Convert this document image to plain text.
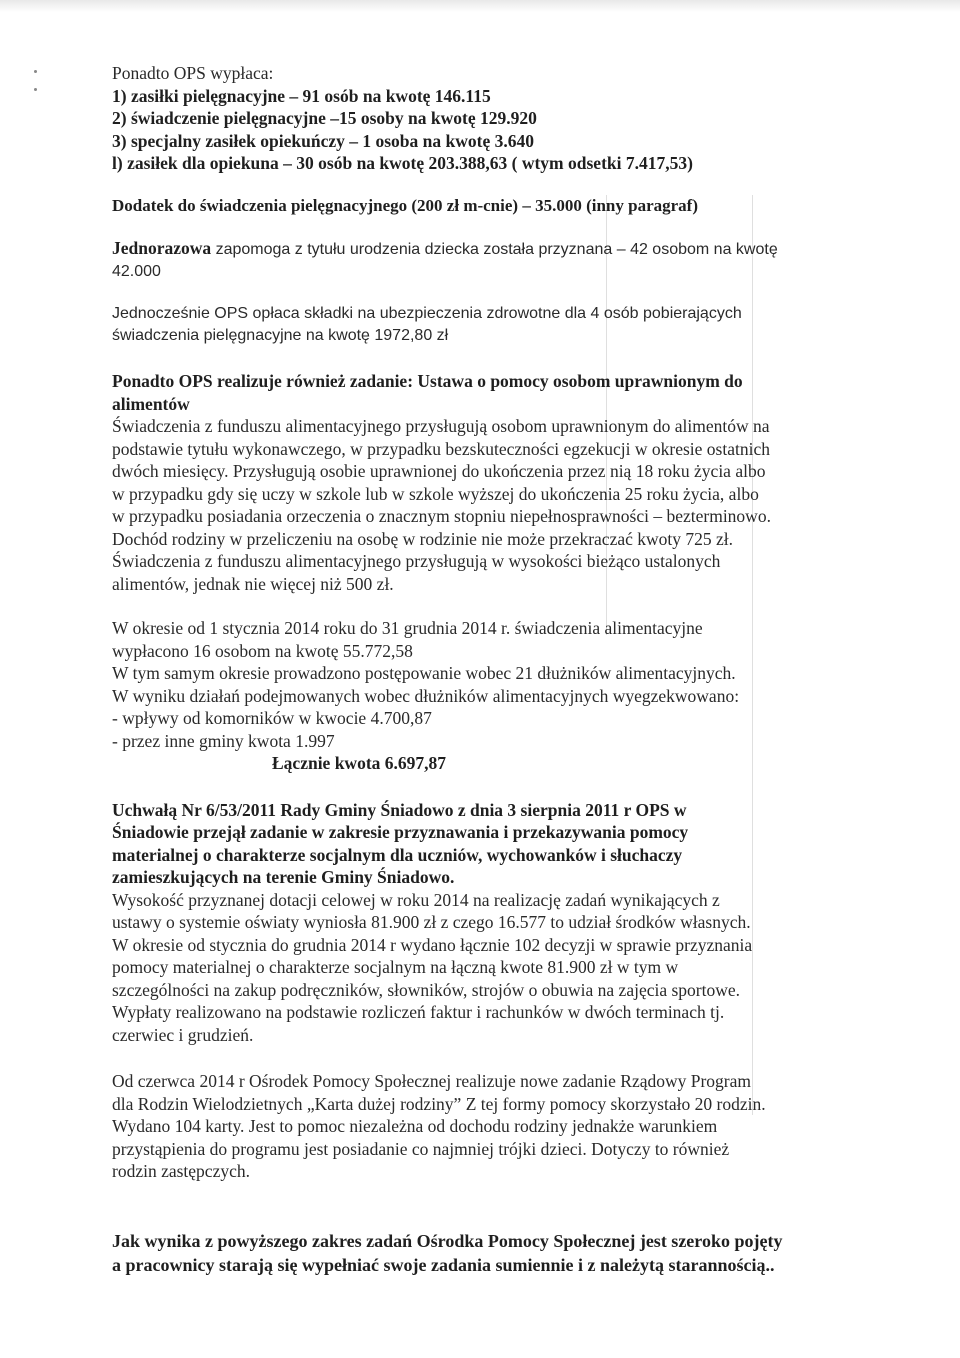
Ponadto OPS wypłaca:

1) zasiłki pielęgnacyjne – 91 osób na kwotę 146.115

2) świadczenie pielęgnacyjne –15 osoby na kwotę 129.920

3) specjalny zasiłek opiekuńczy – 1 osoba na kwotę 3.640

l) zasiłek dla opiekuna – 30 osób na kwotę 203.388,63 ( wtym odsetki 7.417,53)

Dodatek do świadczenia pielęgnacyjnego (200 zł m-cnie) – 35.000 (inny paragraf)

Jednorazowa zapomoga z tytułu urodzenia dziecka została przyznana – 42 osobom na kwotę

42.000

Jednocześnie OPS opłaca składki na ubezpieczenia zdrowotne dla 4 osób pobierających

świadczenia pielęgnacyjne na kwotę 1972,80 zł

Ponadto OPS realizuje również zadanie: Ustawa o pomocy osobom uprawnionym do

alimentów

Świadczenia z funduszu alimentacyjnego przysługują osobom uprawnionym do alimentów na

podstawie tytułu wykonawczego, w przypadku bezskuteczności egzekucji w okresie ostatnich

dwóch miesięcy. Przysługują osobie uprawnionej do ukończenia przez nią 18 roku życia albo

w przypadku gdy się uczy w szkole lub w szkole wyższej do ukończenia 25 roku życia, albo

w przypadku posiadania orzeczenia o znacznym stopniu niepełnosprawności – bezterminowo.

Dochód rodziny w przeliczeniu na osobę w rodzinie nie może przekraczać kwoty 725 zł.

Świadczenia z funduszu alimentacyjnego przysługują w wysokości bieżąco ustalonych

alimentów, jednak nie więcej niż 500 zł.

W okresie od 1 stycznia 2014 roku do 31 grudnia 2014 r. świadczenia alimentacyjne

wypłacono 16 osobom na kwotę 55.772,58

W tym samym okresie prowadzono postępowanie wobec 21 dłużników alimentacyjnych.

W wyniku działań podejmowanych wobec dłużników alimentacyjnych wyegzekwowano:

- wpływy od komorników w kwocie 4.700,87

- przez inne gminy kwota 1.997

Łącznie kwota 6.697,87

Uchwałą Nr 6/53/2011 Rady Gminy Śniadowo z dnia 3 sierpnia 2011 r OPS w

Śniadowie przejął zadanie w zakresie przyznawania i przekazywania pomocy

materialnej o charakterze socjalnym dla uczniów, wychowanków i słuchaczy

zamieszkujących na terenie Gminy Śniadowo.

Wysokość przyznanej dotacji celowej w roku 2014 na realizację zadań wynikających z

ustawy o systemie oświaty wyniosła 81.900 zł z czego 16.577 to udział środków własnych.

W okresie od stycznia do grudnia 2014 r wydano łącznie 102 decyzji w sprawie przyznania

pomocy materialnej o charakterze socjalnym na łączną kwote 81.900 zł w tym w

szczególności na zakup podręczników, słowników, strojów o obuwia na zajęcia sportowe.

Wypłaty realizowano na podstawie rozliczeń faktur i rachunków w dwóch terminach tj.

czerwiec i grudzień.

Od czerwca 2014 r Ośrodek Pomocy Społecznej realizuje nowe zadanie Rządowy Program

dla Rodzin Wielodzietnych „Karta dużej rodziny” Z tej formy pomocy skorzystało 20 rodzin.

Wydano 104 karty. Jest to pomoc niezależna od dochodu rodziny jednakże warunkiem

przystąpienia do programu jest posiadanie co najmniej trójki dzieci. Dotyczy to również

rodzin zastępczych.

Jak wynika z powyższego zakres zadań Ośrodka Pomocy Społecznej jest szeroko pojęty

a pracownicy starają się wypełniać swoje zadania sumiennie i z należytą starannością..
